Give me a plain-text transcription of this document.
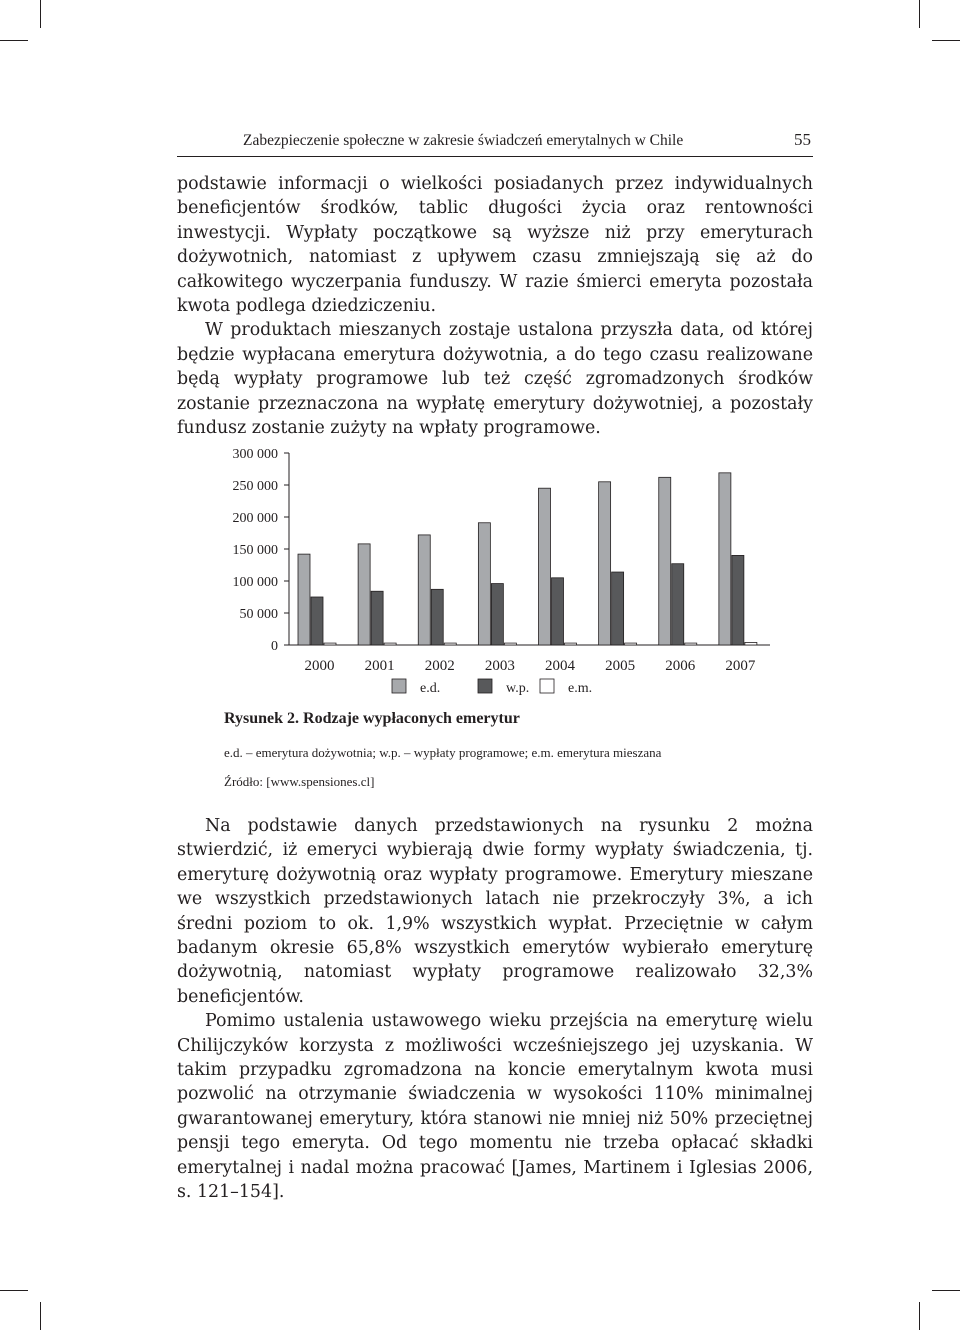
Zabezpieczenie społeczne w zakresie świadczeń emerytalnych w Chile	55

podstawie informacji o wielkości posiadanych przez indywidualnych beneficjentów środków, tablic długości życia oraz rentowności inwestycji. Wypłaty początkowe są wyższe niż przy emeryturach dożywotnich, natomiast z upływem czasu zmniejszają się aż do całkowitego wyczerpania funduszy. W razie śmierci emeryta pozostała kwota podlega dziedziczeniu.

W produktach mieszanych zostaje ustalona przyszła data, od której będzie wypłacana emerytura dożywotnia, a do tego czasu realizowane będą wypłaty programowe lub też część zgromadzonych środków zostanie przeznaczona na wypłatę emerytury dożywotniej, a pozostały fundusz zostanie zużyty na wpłaty programowe.

0
50 000
100 000
150 000
200 000
250 000
300 000
2000 2001 2002 2003 2004 2005 2006 2007
e.d.	w.p.	e.m.
Rysunek 2. Rodzaje wypłaconych emerytur
e.d. – emerytura dożywotnia; w.p. – wypłaty programowe; e.m. emerytura mieszana
Źródło: [www.spensiones.cl]

Na podstawie danych przedstawionych na rysunku 2 można stwierdzić, iż emeryci wybierają dwie formy wypłaty świadczenia, tj. emeryturę dożywotnią oraz wypłaty programowe. Emerytury mieszane we wszystkich przedstawionych latach nie przekroczyły 3%, a ich średni poziom to ok. 1,9% wszystkich wypłat. Przeciętnie w całym badanym okresie 65,8% wszystkich emerytów wybierało emeryturę dożywotnią, natomiast wypłaty programowe realizowało 32,3% beneficjentów.

Pomimo ustalenia ustawowego wieku przejścia na emeryturę wielu Chilijczyków korzysta z możliwości wcześniejszego jej uzyskania. W takim przypadku zgromadzona na koncie emerytalnym kwota musi pozwolić na otrzymanie świadczenia w wysokości 110% minimalnej gwarantowanej emerytury, która stanowi nie mniej niż 50% przeciętnej pensji tego emeryta. Od tego momentu nie trzeba opłacać składki emerytalnej i nadal można pracować [James, Martinem i Iglesias 2006, s. 121–154].
